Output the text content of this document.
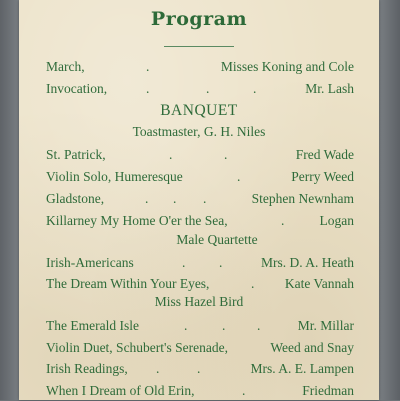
Program
March,	.	Misses Koning and Cole
Invocation,	.	.	.	Mr. Lash
BANQUET
Toastmaster, G. H. Niles
St. Patrick,	.	.	Fred Wade
Violin Solo, Humeresque	.	Perry Weed
Gladstone,	. . .	Stephen Newnham
Killarney My Home O'er the Sea,	.	Logan
Male Quartette
Irish-Americans	. .	Mrs. D. A. Heath
The Dream Within Your Eyes,	. Kate Vannah
Miss Hazel Bird
The Emerald Isle	.	. .	Mr. Millar
Violin Duet, Schubert's Serenade,	Weed and Snay
Irish Readings, .	.	Mrs. A. E. Lampen
When I Dream of Old Erin,	.	Friedman
